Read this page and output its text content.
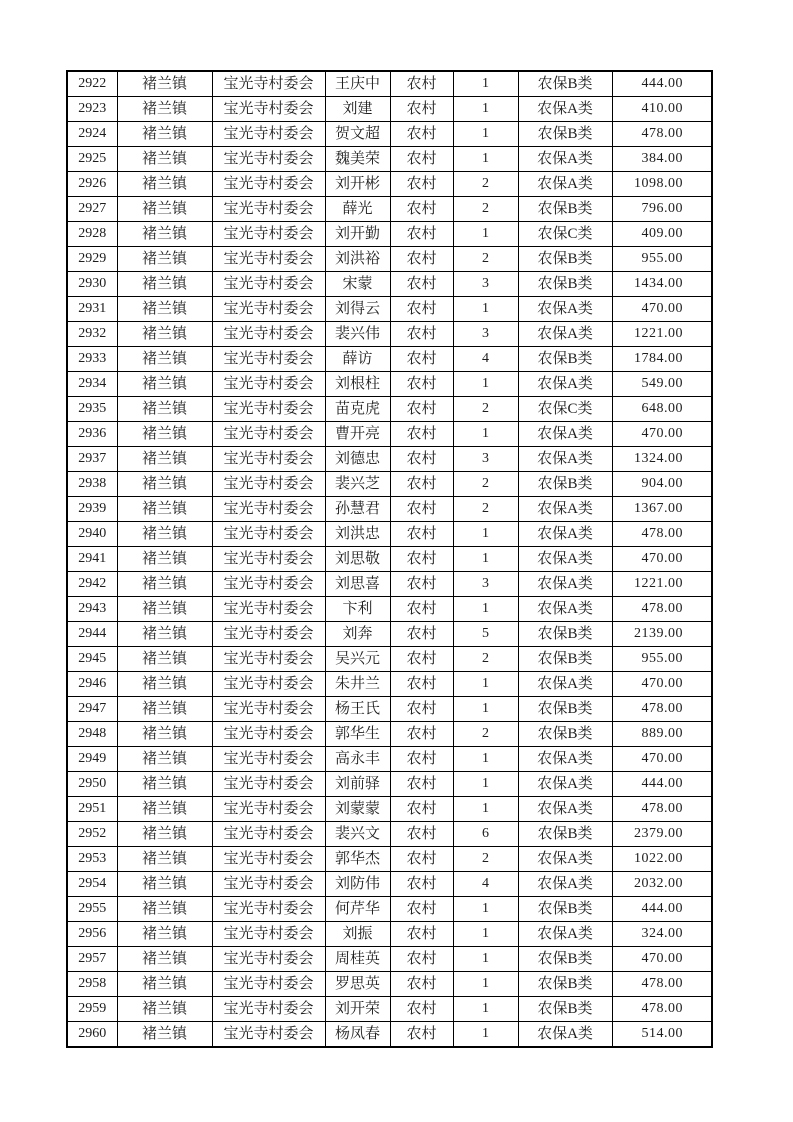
2922	褚兰镇	宝光寺村委会	王庆中	农村	1	农保B类	444.00
2923	褚兰镇	宝光寺村委会	刘建	农村	1	农保A类	410.00
2924	褚兰镇	宝光寺村委会	贺文超	农村	1	农保B类	478.00
2925	褚兰镇	宝光寺村委会	魏美荣	农村	1	农保A类	384.00
2926	褚兰镇	宝光寺村委会	刘开彬	农村	2	农保A类	1098.00
2927	褚兰镇	宝光寺村委会	薛光	农村	2	农保B类	796.00
2928	褚兰镇	宝光寺村委会	刘开勤	农村	1	农保C类	409.00
2929	褚兰镇	宝光寺村委会	刘洪裕	农村	2	农保B类	955.00
2930	褚兰镇	宝光寺村委会	宋蒙	农村	3	农保B类	1434.00
2931	褚兰镇	宝光寺村委会	刘得云	农村	1	农保A类	470.00
2932	褚兰镇	宝光寺村委会	裴兴伟	农村	3	农保A类	1221.00
2933	褚兰镇	宝光寺村委会	薛访	农村	4	农保B类	1784.00
2934	褚兰镇	宝光寺村委会	刘根柱	农村	1	农保A类	549.00
2935	褚兰镇	宝光寺村委会	苗克虎	农村	2	农保C类	648.00
2936	褚兰镇	宝光寺村委会	曹开亮	农村	1	农保A类	470.00
2937	褚兰镇	宝光寺村委会	刘德忠	农村	3	农保A类	1324.00
2938	褚兰镇	宝光寺村委会	裴兴芝	农村	2	农保B类	904.00
2939	褚兰镇	宝光寺村委会	孙慧君	农村	2	农保A类	1367.00
2940	褚兰镇	宝光寺村委会	刘洪忠	农村	1	农保A类	478.00
2941	褚兰镇	宝光寺村委会	刘思敬	农村	1	农保A类	470.00
2942	褚兰镇	宝光寺村委会	刘思喜	农村	3	农保A类	1221.00
2943	褚兰镇	宝光寺村委会	卞利	农村	1	农保A类	478.00
2944	褚兰镇	宝光寺村委会	刘奔	农村	5	农保B类	2139.00
2945	褚兰镇	宝光寺村委会	吴兴元	农村	2	农保B类	955.00
2946	褚兰镇	宝光寺村委会	朱井兰	农村	1	农保A类	470.00
2947	褚兰镇	宝光寺村委会	杨王氏	农村	1	农保B类	478.00
2948	褚兰镇	宝光寺村委会	郭华生	农村	2	农保B类	889.00
2949	褚兰镇	宝光寺村委会	高永丰	农村	1	农保A类	470.00
2950	褚兰镇	宝光寺村委会	刘前驿	农村	1	农保A类	444.00
2951	褚兰镇	宝光寺村委会	刘蒙蒙	农村	1	农保A类	478.00
2952	褚兰镇	宝光寺村委会	裴兴文	农村	6	农保B类	2379.00
2953	褚兰镇	宝光寺村委会	郭华杰	农村	2	农保A类	1022.00
2954	褚兰镇	宝光寺村委会	刘防伟	农村	4	农保A类	2032.00
2955	褚兰镇	宝光寺村委会	何芹华	农村	1	农保B类	444.00
2956	褚兰镇	宝光寺村委会	刘振	农村	1	农保A类	324.00
2957	褚兰镇	宝光寺村委会	周桂英	农村	1	农保B类	470.00
2958	褚兰镇	宝光寺村委会	罗思英	农村	1	农保B类	478.00
2959	褚兰镇	宝光寺村委会	刘开荣	农村	1	农保B类	478.00
2960	褚兰镇	宝光寺村委会	杨凤春	农村	1	农保A类	514.00
